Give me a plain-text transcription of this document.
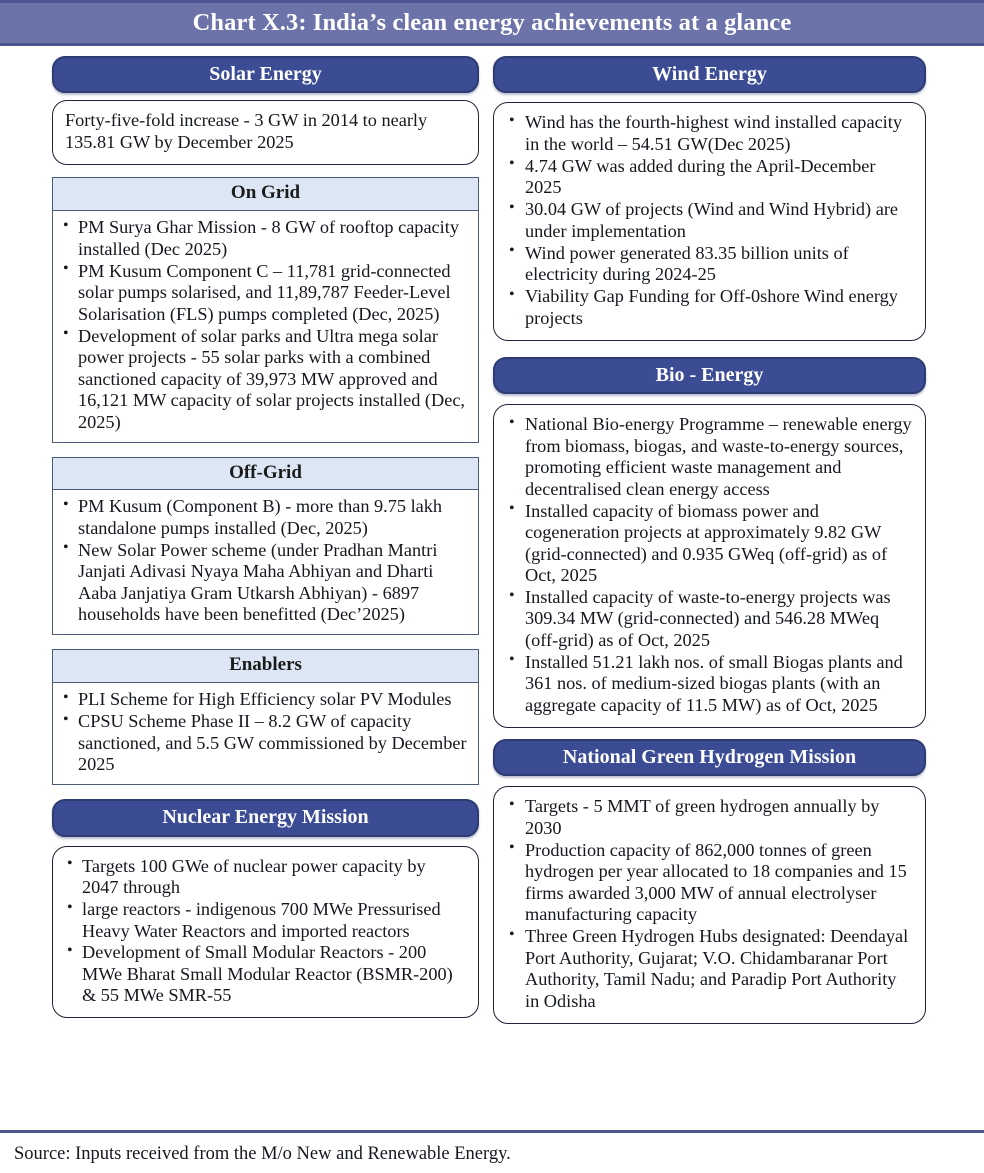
Chart X.3: India’s clean energy achievements at a glance
Solar Energy
Forty-five-fold increase - 3 GW in 2014 to nearly 135.81 GW by December 2025
On Grid
• PM Surya Ghar Mission - 8 GW of rooftop capacity installed (Dec 2025)
• PM Kusum Component C – 11,781 grid-connected solar pumps solarised, and 11,89,787 Feeder-Level Solarisation (FLS) pumps completed (Dec, 2025)
• Development of solar parks and Ultra mega solar power projects - 55 solar parks with a combined sanctioned capacity of 39,973 MW approved and 16,121 MW capacity of solar projects installed (Dec, 2025)
Off-Grid
• PM Kusum (Component B) - more than 9.75 lakh standalone pumps installed (Dec, 2025)
• New Solar Power scheme (under Pradhan Mantri Janjati Adivasi Nyaya Maha Abhiyan and Dharti Aaba Janjatiya Gram Utkarsh Abhiyan) - 6897 households have been benefitted (Dec’2025)
Enablers
• PLI Scheme for High Efficiency solar PV Modules
• CPSU Scheme Phase II – 8.2 GW of capacity sanctioned, and 5.5 GW commissioned by December 2025
Nuclear Energy Mission
• Targets 100 GWe of nuclear power capacity by 2047 through
• large reactors - indigenous 700 MWe Pressurised Heavy Water Reactors and imported reactors
• Development of Small Modular Reactors - 200 MWe Bharat Small Modular Reactor (BSMR-200) & 55 MWe SMR-55
Wind Energy
• Wind has the fourth-highest wind installed capacity in the world – 54.51 GW(Dec 2025)
• 4.74 GW was added during the April-December 2025
• 30.04 GW of projects (Wind and Wind Hybrid) are under implementation
• Wind power generated 83.35 billion units of electricity during 2024-25
• Viability Gap Funding for Off-0shore Wind energy projects
Bio - Energy
• National Bio-energy Programme – renewable energy from biomass, biogas, and waste-to-energy sources, promoting efficient waste management and decentralised clean energy access
• Installed capacity of biomass power and cogeneration projects at approximately 9.82 GW (grid-connected) and 0.935 GWeq (off-grid) as of Oct, 2025
• Installed capacity of waste-to-energy projects was 309.34 MW (grid-connected) and 546.28 MWeq (off-grid) as of Oct, 2025
• Installed 51.21 lakh nos. of small Biogas plants and 361 nos. of medium-sized biogas plants (with an aggregate capacity of 11.5 MW) as of Oct, 2025
National Green Hydrogen Mission
• Targets - 5 MMT of green hydrogen annually by 2030
• Production capacity of 862,000 tonnes of green hydrogen per year allocated to 18 companies and 15 firms awarded 3,000 MW of annual electrolyser manufacturing capacity
• Three Green Hydrogen Hubs designated: Deendayal Port Authority, Gujarat; V.O. Chidambaranar Port Authority, Tamil Nadu; and Paradip Port Authority in Odisha
Source: Inputs received from the M/o New and Renewable Energy.
